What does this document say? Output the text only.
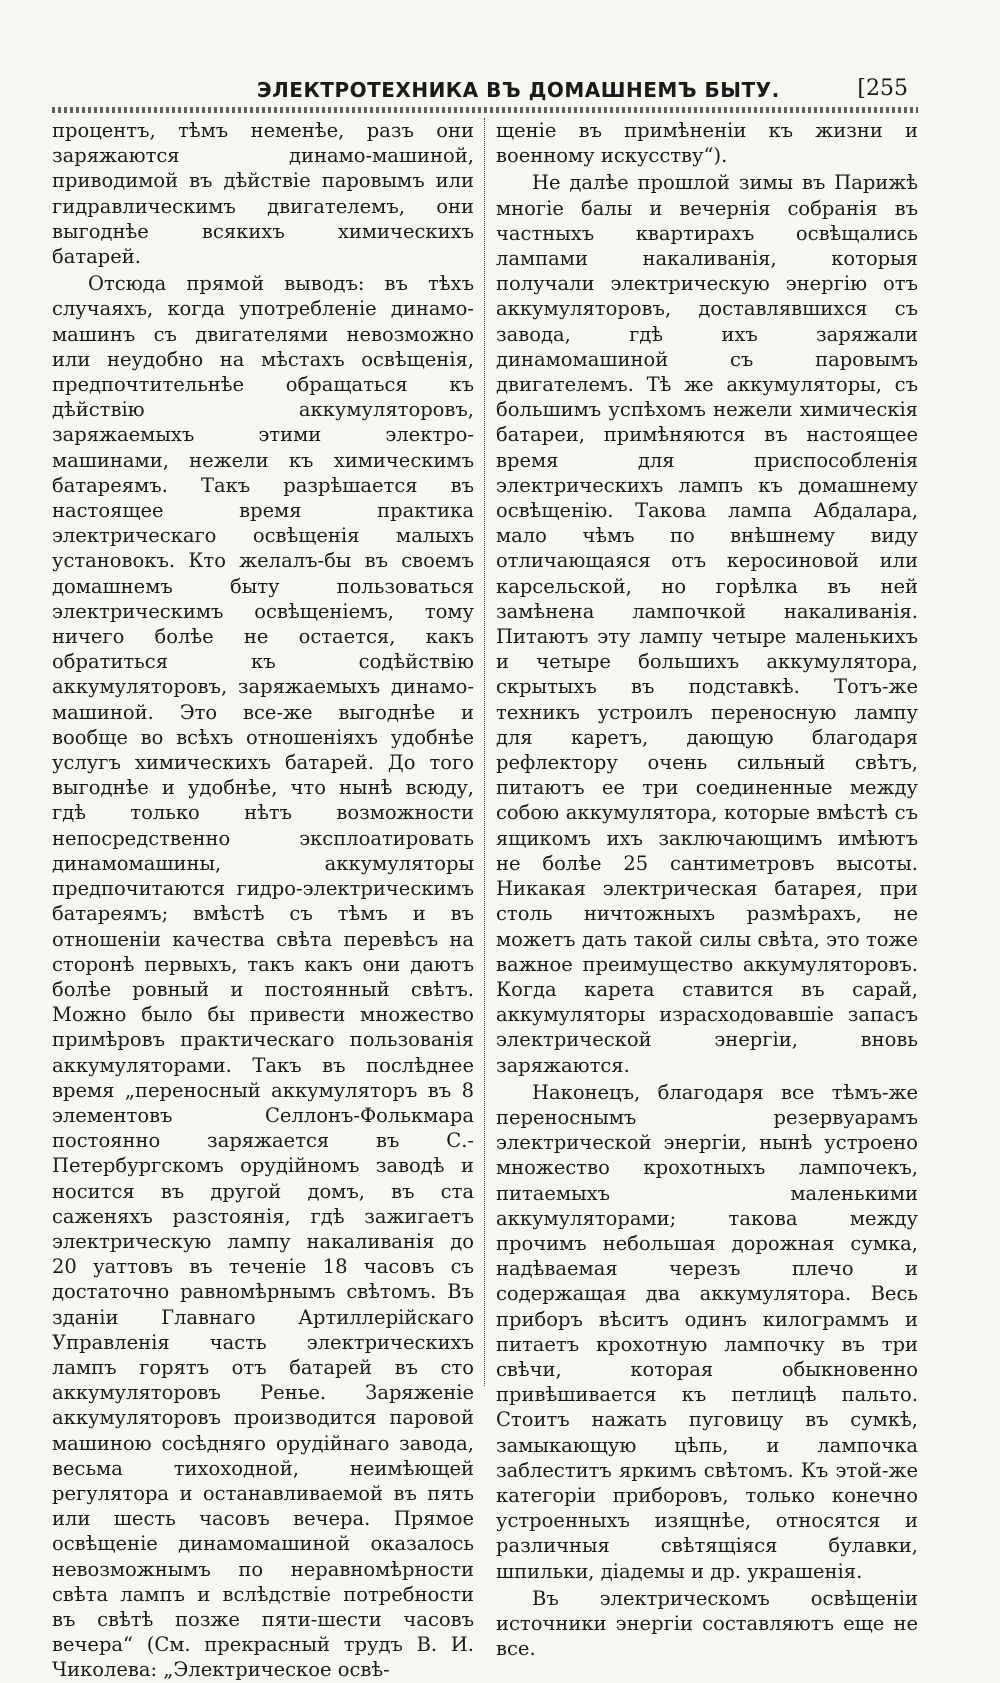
ЭЛЕКТРОТЕХНИКА ВЪ ДОМАШНЕМЪ БЫТУ.	[255

процентъ, тѣмъ неменѣе, разъ они заряжаются динамо-машиной, приводимой въ дѣйствіе паровымъ или гидравлическимъ двигателемъ, они выгоднѣе всякихъ химическихъ батарей.

Отсюда прямой выводъ: въ тѣхъ случаяхъ, когда употребленіе динамо-машинъ съ двигателями невозможно или неудобно на мѣстахъ освѣщенія, предпочтительнѣе обращаться къ дѣйствію аккумуляторовъ, заряжаемыхъ этими электро-машинами, нежели къ химическимъ батареямъ. Такъ разрѣшается въ настоящее время практика электрическаго освѣщенія малыхъ установокъ. Кто желалъ-бы въ своемъ домашнемъ быту пользоваться электрическимъ освѣщеніемъ, тому ничего болѣе не остается, какъ обратиться къ содѣйствію аккумуляторовъ, заряжаемыхъ динамо-машиной. Это все-же выгоднѣе и вообще во всѣхъ отношеніяхъ удобнѣе услугъ химическихъ батарей. До того выгоднѣе и удобнѣе, что нынѣ всюду, гдѣ только нѣтъ возможности непосредственно эксплоатировать динамомашины, аккумуляторы предпочитаются гидро-электрическимъ батареямъ; вмѣстѣ съ тѣмъ и въ отношеніи качества свѣта перевѣсъ на сторонѣ первыхъ, такъ какъ они даютъ болѣе ровный и постоянный свѣтъ. Можно было бы привести множество примѣровъ практическаго пользованія аккумуляторами. Такъ въ послѣднее время „переносный аккумуляторъ въ 8 элементовъ Селлонъ-Фолькмара постоянно заряжается въ С.-Петербургскомъ орудійномъ заводѣ и носится въ другой домъ, въ ста саженяхъ разстоянія, гдѣ зажигаетъ электрическую лампу накаливанія до 20 уаттовъ въ теченіе 18 часовъ съ достаточно равномѣрнымъ свѣтомъ. Въ зданіи Главнаго Артиллерійскаго Управленія часть электрическихъ лампъ горятъ отъ батарей въ сто аккумуляторовъ Реньe. Заряженіе аккумуляторовъ производится паровой машиною сосѣдняго орудійнаго завода, весьма тихоходной, неимѣющей регулятора и останавливаемой въ пять или шесть часовъ вечера. Прямое освѣщеніе динамомашиной оказалось невозможнымъ по неравномѣрности свѣта лампъ и вслѣдствіе потребности въ свѣтѣ позже пяти-шести часовъ вечера“ (См. прекрасный трудъ В. И. Чиколева: „Электрическое освѣ-

щеніе въ примѣненіи къ жизни и военному искусству“).

Не далѣе прошлой зимы въ Парижѣ многіе балы и вечернія собранія въ частныхъ квартирахъ освѣщались лампами накаливанія, которыя получали электрическую энергію отъ аккумуляторовъ, доставлявшихся съ завода, гдѣ ихъ заряжали динамомашиной съ паровымъ двигателемъ. Тѣ же аккумуляторы, съ большимъ успѣхомъ нежели химическія батареи, примѣняются въ настоящее время для приспособленія электрическихъ лампъ къ домашнему освѣщенію. Такова лампа Абдалара, мало чѣмъ по внѣшнему виду отличающаяся отъ керосиновой или карсельской, но горѣлка въ ней замѣнена лампочкой накаливанія. Питаютъ эту лампу четыре маленькихъ и четыре большихъ аккумулятора, скрытыхъ въ подставкѣ. Тотъ-же техникъ устроилъ переносную лампу для каретъ, дающую благодаря рефлектору очень сильный свѣтъ, питаютъ ее три соединенные между собою аккумулятора, которые вмѣстѣ съ ящикомъ ихъ заключающимъ имѣютъ не болѣе 25 сантиметровъ высоты. Никакая электрическая батарея, при столь ничтожныхъ размѣрахъ, не можетъ дать такой силы свѣта, это тоже важное преимущество аккумуляторовъ. Когда карета ставится въ сарай, аккумуляторы израсходовавшіе запасъ электрической энергіи, вновь заряжаются.

Наконецъ, благодаря все тѣмъ-же переноснымъ резервуарамъ электрической энергіи, нынѣ устроено множество крохотныхъ лампочекъ, питаемыхъ маленькими аккумуляторами; такова между прочимъ небольшая дорожная сумка, надѣваемая черезъ плечо и содержащая два аккумулятора. Весь приборъ вѣситъ одинъ килограммъ и питаетъ крохотную лампочку въ три свѣчи, которая обыкновенно привѣшивается къ петлицѣ пальто. Стоитъ нажать пуговицу въ сумкѣ, замыкающую цѣпь, и лампочка заблеститъ яркимъ свѣтомъ. Къ этой-же категоріи приборовъ, только конечно устроенныхъ изящнѣе, относятся и различныя свѣтящіяся булавки, шпильки, діадемы и др. украшенія.

Въ электрическомъ освѣщеніи источники энергіи составляютъ еще не все.
